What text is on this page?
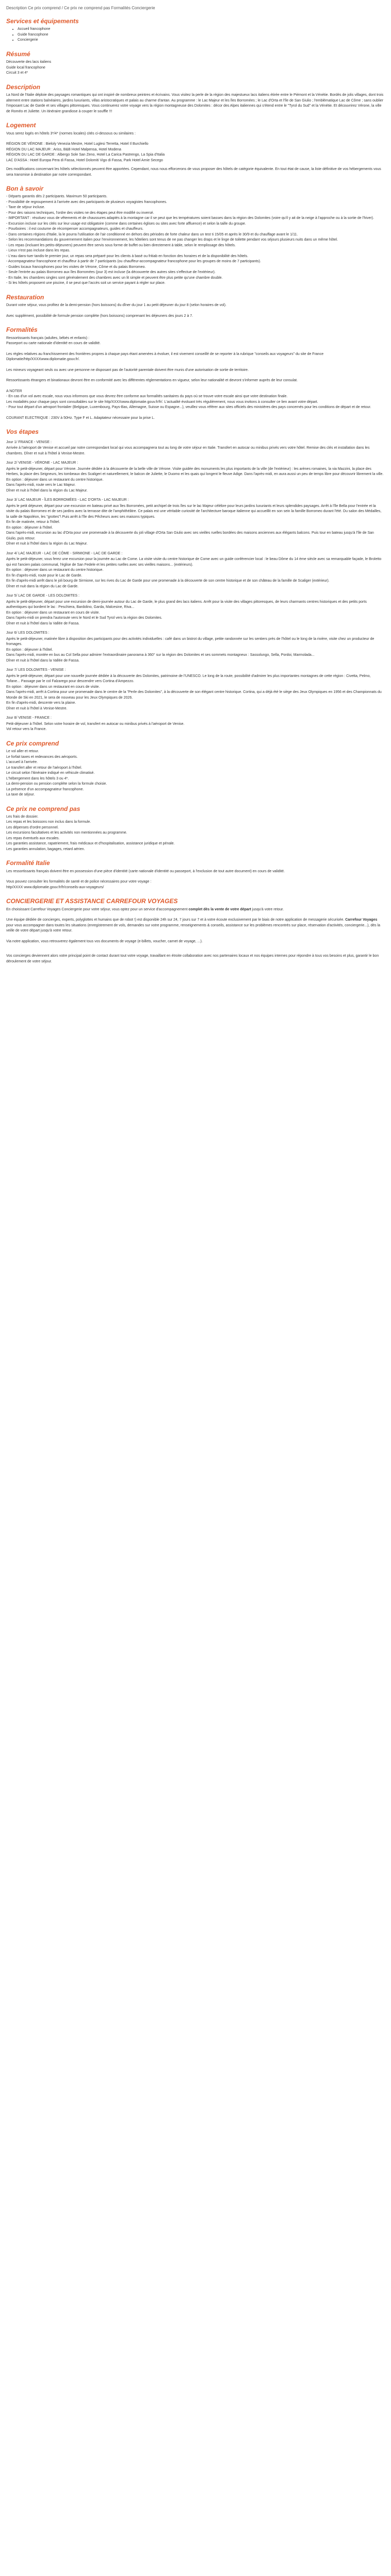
Description Ce prix comprend / Ce prix ne comprend pas Formalités Conciergerie
Services et équipements
• Accueil francophone
• Guide francophone
• Conciergerie
Résumé
Découverte des lacs italiens
Guide local francophone
Circuit 3 et 4*
Description

La Nord de l'Italie déploie des paysages romantiques qui ont inspiré de nombreux peintres et écrivains. Vous visitez la perle de la région des majestueux lacs italiens étirée entre le Piémont et la Vénétie. Bordés de jolis villages, dont trois alternent entre stations balnéaires, jardins luxuriants, villas aristocratiques et palais au charme d'antan. Au programme : le Lac Majeur et les îles Borromées ; le Lac d'Orta et l'île de San Giulio ; l'emblématique Lac de Côme ; sans oublier l'imposant Lac de Garde et ses villages pittoresques. Vous continuerez votre voyage vers la région montagneuse des Dolomites : décor des Alpes italiennes qui s'étend entre le "Tyrol du Sud" et la Vénétie. Et découvrirez Vérone, la ville de Roméo et Juliette. Un itinéraire grandiose à couper le souffle !!!

Logement

Vous serez logés en hôtels 3*/4* (normes locales) cités ci-dessous ou similaires :

RÉGION DE VÉRONE : Bieloly Venezia Mestre, Hotel Luglesi Terretta, Hotel Il Burchiello
RÉGION DU LAC MAJEUR : Ariss, B&B Hotel Malpensa, Hotel Modena
RÉGION DU LAC DE GARDE : Albergo Sole San Zeno, Hotel La Carica Pastrengo, La Spia d'Italia
LAC D'ASSA : Hotel Europa Pera di Fassa, Hotel Dolomiti Vigo di Fassa, Park Hotel Arnie Secego

Des modifications concernant les hôtels sélectionnés peuvent être apportées. Cependant, nous nous efforcerons de vous proposer des hôtels de catégorie équivalente. En tout état de cause, la liste définitive de vos hébergements vous sera transmise à destination par notre correspondant.

Bon à savoir
- Départs garantis dès 2 participants. Maximum 50 participants.
- Possibilité de regroupement à l'arrivée avec des participants de plusieurs voyagistes francophones.
- Taxe de séjour incluse.
- Pour des raisons techniques, l'ordre des visites ne des étapes peut être modifié ou inversé.
- IMPORTANT : résoluez vous de vêtements et de chaussures adaptés à la montagne car il se peut que les températures soient basses dans la région des Dolomites (voire qu'il y ait de la neige à l'approche ou à la sortie de l'hiver).
- Excursion incluse sur les cités sur leur usage est obligatoire (comme dans certaines églises ou sites avec forte affluence) et selon la taille du groupe.
- Pourboires : il est coutume de récompenser accompagnateurs, guides et chauffeurs.
- Dans certaines régions d'Italie, la le pourra l'utilisation de l'air conditionné en dehors des périodes de forte chaleur dans un test ti 15/05 et après le 30/9 et du chauffage avant le 1/11.
- Selon les recommandations du gouvernement italien pour l'environnement, les hôteliers sont tenus de ne pas changer les draps et le linge de toilette pendant vos séjours plusieurs nuits dans un même hôtel.
- Les repas (incluant les petits-déjeuners) peuvent être servis sous forme de buffet ou bien directement à table, selon le remplissage des hôtels.
- Lieux n'est pas incluse dans les repas.
- L'eau dans-tuer tandis-le premier jour, un repas sera préparé pour les clients à basé ou fritiab en fonction des horaires et de la disponibilité des hôtels.
- Accompagnateur francophone et chauffeur à partir de 7 participants (ou chauffeur-accompagnateur francophone pour les groupes de moins de 7 participants).
- Guides locaux francophones pour les visites de Vérone, Côme et du palais Borromeo.
- Seule l'entrée au palais Borromeo aux îles Borromées (jour 3) est incluse (la découverte des autres sites s'effectue de l'extérieur).
- En Italie, les chambres singles sont généralement des chambres avec un lit simple et peuvent être plus petite qu'une chambre double.
- Si les hôtels proposent une piscine, il se peut que l'accès soit un service payant à régler sur place.
Restauration

Durant votre séjour, vous profitez de la demi-pension (hors boissons) du dîner du jour 1 au petit déjeuner du jour 8 (selon horaires de vol).

Avec supplément, possibilité de formule pension complète (hors boissons) comprenant les déjeuners des jours 2 à 7.

Formalités

Ressortissants français (adultes, bébés et enfants) :
Passeport ou carte nationale d'identité en cours de validité.

Les règles relatives au franchissement des frontières propres à chaque pays étant amenées à évoluer, il est vivement conseillé de se reporter à la rubrique "conseils aux voyageurs" du site de France Diplomatie/http/XXXXwww.diplomatie.gouv.fr/.

Les mineurs voyageant seuls ou avec une personne ne disposant pas de l'autorité parentale doivent être munis d'une autorisation de sortie de territoire.

Ressortissants étrangers et binationaux devront être en conformité avec les différentes réglementations en vigueur, selon leur nationalité et devront s'informer auprès de leur consulat.

A NOTER
- En cas d'un vol avec escale, nous vous informons que vous devrez être conforme aux formalités sanitaires du pays où se trouve votre escale ainsi que votre destination finale.
Les modalités pour chaque pays sont consultables sur le site http/XXXXwww.diplomatie.gouv.fr/fr/. L'actualité évoluant très régulièrement, nous vous invitons à consulter ce lien avant votre départ.
- Pour tout départ d'un aéroport frontalier (Belgique, Luxembourg, Pays-Bas, Allemagne, Suisse ou Espagne...), veuillez vous référer aux sites officiels des ministères des pays concernés pour les conditions de départ et de retour.

COURANT ELECTRIQUE : 230V à 50Hz. Type F et L. Adaptateur nécessaire pour la prise L.

Vos étapes

Jour 1/ FRANCE - VENISE :

Arrivée à l'aéroport de Venise et accueil par notre correspondant local qui vous accompagnera tout au long de votre séjour en Italie. Transfert en autocar ou minibus privés vers votre hôtel. Remise des clés et installation dans les chambres. Dîner et nuit à l'hôtel à Venise-Mestre.

Jour 2/ VENISE - VÉRONE - LAC MAJEUR :

Après le petit-déjeuner, départ pour Vérone. Journée dédiée à la découverte de la belle ville de Vérone. Visite guidée des monuments les plus importants de la ville (de l'extérieur) : les arènes romaines, la via Mazzini, la place des Herbes, la place des Seigneurs, les tombeaux des Scaligeri et naturellement, le balcon de Juliette, le Duomo et les quais qui longent le fleuve Adige. Dans l'après-midi, en aura aussi un peu de temps libre pour découvrir librement la ville.
En option : déjeuner dans un restaurant du centre historique.
Dans l'après-midi, route vers le Lac Majeur.
Dîner et nuit à l'hôtel dans la région du Lac Majeur.

Jour 3/ LAC MAJEUR - ÎLES BORROMÉES - LAC D'ORTA - LAC MAJEUR :

Après le petit déjeuner, départ pour une excursion en bateau privé aux îles Borromées, petit archipel de trois îles sur le lac Majeur célèbre pour leurs jardins luxuriants et leurs splendides paysages. Arrêt à l'île Bella pour l'entrée et la visite du palais Borromeo et de ses jardins avec la terrasse dite de l'amphithéâtre. Ce palais est une véritable curiosité de l'architecture baroque italienne qui accueillit en son sein la famille Borromeo durant l'été. Du salon des Médailles, la salle de Napoléon, les "grottes"\ Puis arrêt à l'île des Pêcheurs avec ses maisons typiques.
En fin de matinée, retour à l'hôtel.
En option : déjeuner à l'hôtel.
Dans l'après-midi, excursion au lac d'Orta pour une promenade à la découverte du joli village d'Orta San Giulio avec ses vieilles ruelles bordées des maisons anciennes aux élégants balcons. Puis tour en bateau jusqu'à l'île de San Giulio, puis retour.
Dîner et nuit à l'hôtel dans la région du Lac Majeur.

Jour 4/ LAC MAJEUR - LAC DE CÔME - SIRMIONE - LAC DE GARDE :

Après le petit-déjeuner, vous ferez une excursion pour la journée au Lac de Come. La visite visite du centre historique de Come avec un guide conférencier local : le beau Dôme du 14 ème siècle avec sa remarquable façade, le Broletto qui est l'ancien palais communal, l'église de San Fedele et les petites ruelles avec ses vieilles maisons... (extérieurs).
En option : déjeuner dans un restaurant du centre historique.
En fin d'après-midi, route pour le Lac de Garde.
En fin d'après-midi arrêt dans le joli bourg de Sirmione, sur les rives du Lac de Garde pour une promenade à la découverte de son centre historique et de son château de la famille de Scaliger (extérieur).
Dîner et nuit dans la région du Lac de Garde.

Jour 5/ LAC DE GARDE - LES DOLOMITES :

Après le petit-déjeuner, départ pour une excursion de demi-journée autour du Lac de Garde, le plus grand des lacs italiens. Arrêt pour la visite des villages pittoresques, de leurs charmants centres historiques et des petits ports authentiques qui bordent le lac : Peschiera, Bardolino, Garda, Malcesine, Riva...
En option : déjeuner dans un restaurant en cours de visite.
Dans l'après-midi on prendra l'autoroute vers le Nord et le Sud Tyrol vers la région des Dolomites.
Dîner et nuit à l'hôtel dans la Vallée de Fassa.

Jour 6/ LES DOLOMITES :

Après le petit-déjeuner, matinée libre à disposition des participants pour des activités individuelles : café dans un bistrot du village, petite randonnée sur les sentiers près de l'hôtel ou le long de la rivière, visite chez un producteur de fromages.
En option : déjeuner à l'hôtel.
Dans l'après-midi, montée en bus au Col Sella pour admirer l'extraordinaire panorama à 360° sur la région des Dolomites et ses sommets montagneux : Sassolungo, Sella, Pordoi, Marmolada...
Dîner et nuit à l'hôtel dans la Vallée de Fassa.

Jour 7/ LES DOLOMITES - VENISE :

Après le petit-déjeuner, départ pour une nouvelle journée dédiée à la découverte des Dolomites, patrimoine de l'UNESCO. Le long de la route, possibilité d'admirer les plus importantes montagnes de cette région : Civetta, Pelmo, Tofane... Passage par le col Falzarego pour descendre vers Cortina d'Ampezzo.
En option : déjeuner dans un restaurant en cours de visite.
Dans l'après-midi, arrêt à Cortina pour une promenade dans le centre de la "Perle des Dolomites", à la découverte de son élégant centre historique. Cortina, qui a déjà été le siège des Jeux Olympiques en 1956 et des Championnats du Monde de Ski en 2021, le sera de nouveau pour les Jeux Olympiques de 2026.
En fin d'après-midi, descente vers la plaine.
Dîner et nuit à l'hôtel à Venise-Mestre.

Jour 8/ VENISE - FRANCE :

Petit-déjeuner à l'hôtel. Selon votre horaire de vol, transfert en autocar ou minibus privés à l'aéroport de Venise.
Vol retour vers la France.

Ce prix comprend
Le vol aller et retour.
Le forfait taxes et redevances des aéroports.
L'accueil à l'arrivée.
Le transfert aller et retour de l'aéroport à l'hôtel.
Le circuit selon l'itinéraire indiqué en véhicule climatisé.
L'hébergement dans les hôtels 3 ou 4*.
La demi-pension ou pension complète selon la formule choisie.
La présence d'un accompagnateur francophone.
La taxe de séjour.
Ce prix ne comprend pas
Les frais de dossier.
Les repas et les boissons non inclus dans la formule.
Les dépenses d'ordre personnel.
Les excursions facultatives et les activités non mentionnées au programme.
Les repas éventuels aux escales.
Les garanties assistance, rapatriement, frais médicaux et d'hospitalisation, assistance juridique et pénale.
Les garanties annulation, bagages, retard aérien.
Formalité Italie

Les ressortissants français doivent être en possession d'une pièce d'identité (carte nationale d'identité ou passeport, à l'exclusion de tout autre document) en cours de validité.

Vous pouvez consulter les formalités de santé et de police nécessaires pour votre voyage :
http/XXXX www.diplomatie.gouv.fr/fr/conseils-aux-voyageurs/

CONCIERGERIE ET ASSISTANCE CARREFOUR VOYAGES

En choisissant Carrefour Voyages Conciergerie pour votre séjour, vous optez pour un service d'accompagnement complet dès la vente de votre départ jusqu'à votre retour.

Une équipe dédiée de concierges, experts, polyglottes et humains que de robot !) est disponible 24h sur 24, 7 jours sur 7 et à votre écoute exclusivement par le biais de notre application de messagerie sécurisée. Carrefour Voyages pour vous accompagner dans toutes les situations (enregistrement de vols, demandes sur votre programme, renseignements & conseils, assistance sur les problèmes rencontrés sur place, réservation d'activités, conciergerie...), dès la veille de votre départ jusqu'à votre retour.

Via notre application, vous retrouverez également tous vos documents de voyage (e-billets, voucher, carnet de voyage, ...).

Vos concierges deviennent alors votre principal point de contact durant tout votre voyage, travaillant en étroite collaboration avec nos partenaires locaux et nos équipes internes pour répondre à tous vos besoins et plus, garantir le bon déroulement de votre séjour.
